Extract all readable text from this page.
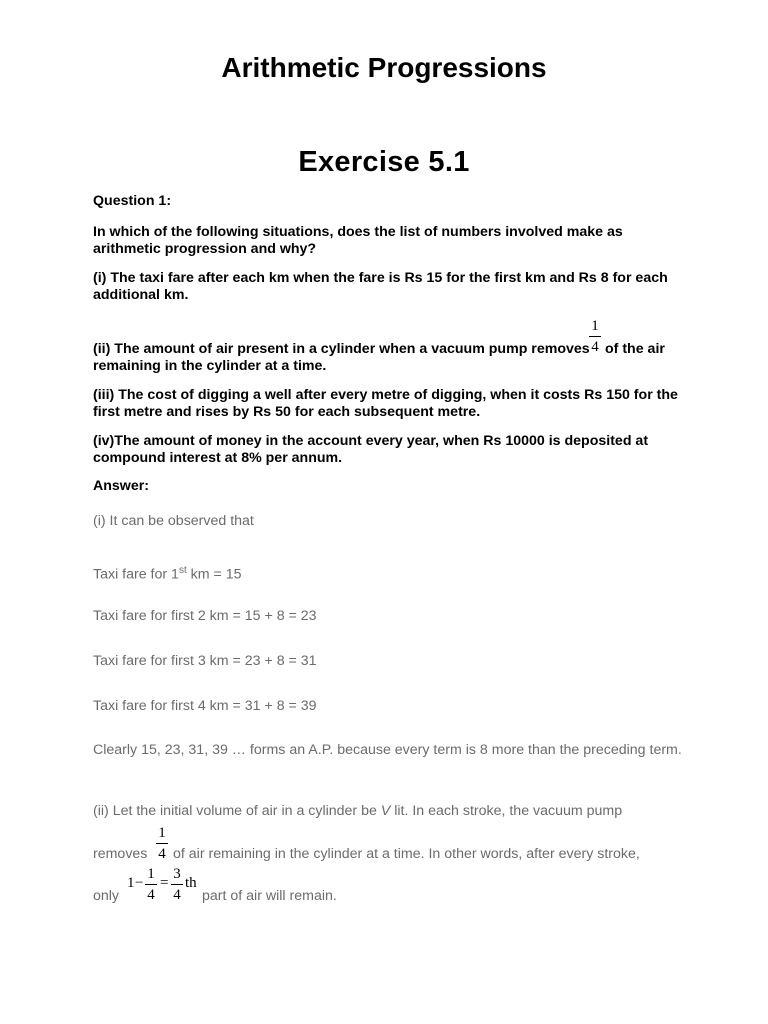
Arithmetic Progressions
Exercise 5.1

Question 1:

In which of the following situations, does the list of numbers involved make as arithmetic progression and why?

(i) The taxi fare after each km when the fare is Rs 15 for the first km and Rs 8 for each additional km.

(ii) The amount of air present in a cylinder when a vacuum pump removes

1
4 of the air

remaining in the cylinder at a time.

(iii) The cost of digging a well after every metre of digging, when it costs Rs 150 for the first metre and rises by Rs 50 for each subsequent metre.

(iv)The amount of money in the account every year, when Rs 10000 is deposited at compound interest at 8% per annum.

Answer:

(i) It can be observed that

Taxi fare for 1st km = 15

Taxi fare for first 2 km = 15 + 8 = 23

Taxi fare for first 3 km = 23 + 8 = 31

Taxi fare for first 4 km = 31 + 8 = 39

Clearly 15, 23, 31, 39 … forms an A.P. because every term is 8 more than the preceding term.

(ii) Let the initial volume of air in a cylinder be V lit. In each stroke, the vacuum pump

removes

1
4 of air remaining in the cylinder at a time. In other words, after every stroke,

only

1 −
1
4
=
3
4
th

part of air will remain.
